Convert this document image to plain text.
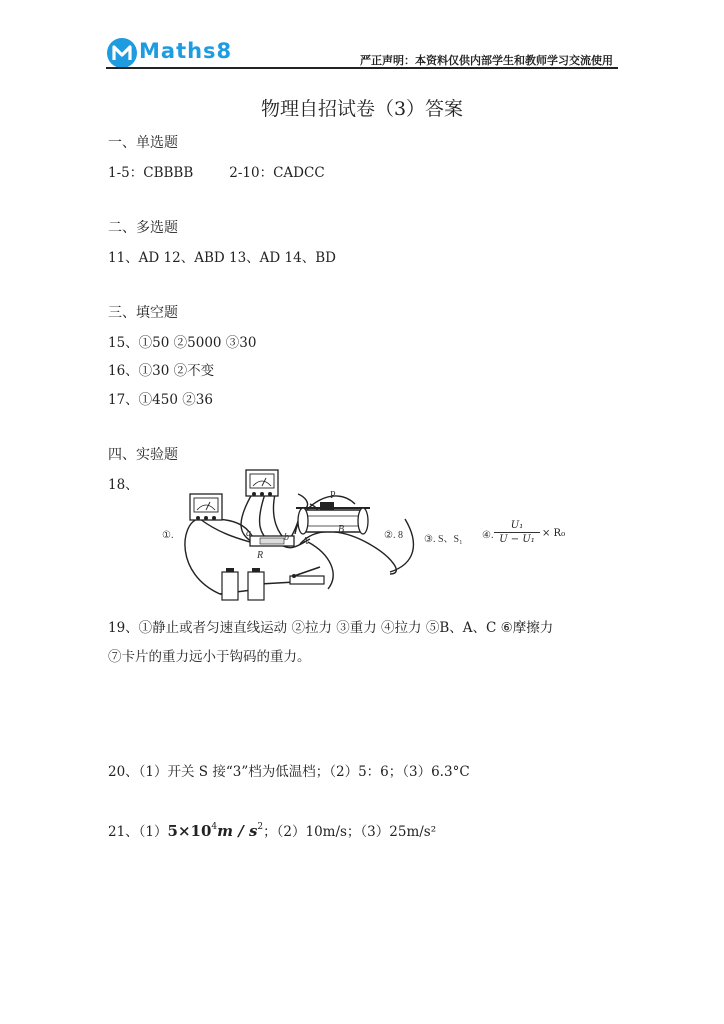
Maths8	严正声明：本资料仅供内部学生和教师学习交流使用
物理自招试卷（3）答案
一、单选题
1-5：CBBBB	2-10：CADCC
二、多选题
11、AD 12、ABD 13、AD 14、BD
三、填空题
15、①50 ②5000 ③30
16、①30 ②不变
17、①450 ②36
四、实验题
18、
①.	a	b
R
P
A
B
②. 8 ③. S、S₁ ④. $\frac{\text{U₁}}{\text{U − U₁}} \times R_0$
19、①静止或者匀速直线运动 ②拉力 ③重力 ④拉力 ⑤B、A、C ⑥摩擦力
⑦卡片的重力远小于钩码的重力。
20、（1）开关 S 接“3”档为低温档；（2）5：6；（3）6.3°C
21、$(1)5\times 10^4m / s^2$；（2）10m/s；（3）25m/s²
